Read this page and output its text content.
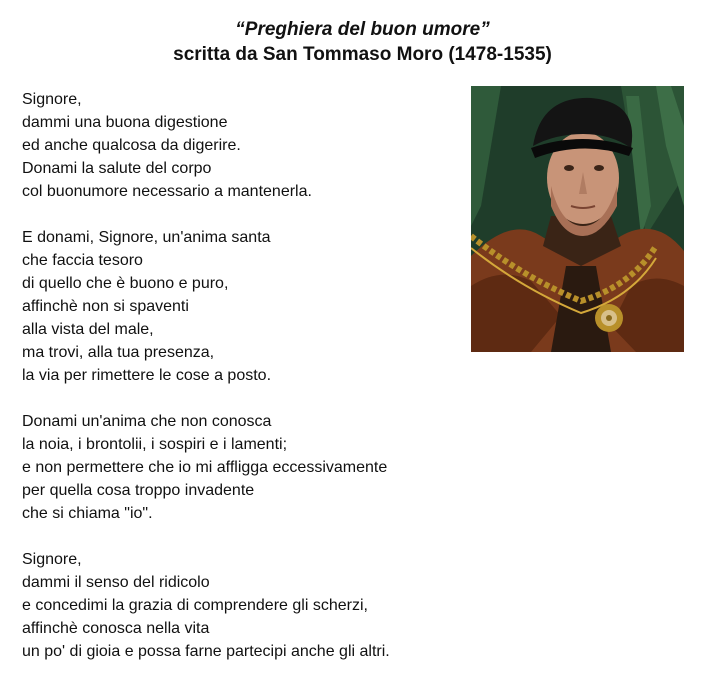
“Preghiera del buon umore”

scritta da San Tommaso Moro (1478-1535)

Signore,
dammi una buona digestione
ed anche qualcosa da digerire.
Donami la salute del corpo
col buonumore necessario a mantenerla.
E donami, Signore, un'anima santa
che faccia tesoro
di quello che è buono e puro,
affinchè non si spaventi
alla vista del male,
ma trovi, alla tua presenza,
la via per rimettere le cose a posto.
Donami un'anima che non conosca
la noia, i brontolii, i sospiri e i lamenti;
e non permettere che io mi affligga eccessivamente
per quella cosa troppo invadente
che si chiama "io".
Signore,
dammi il senso del ridicolo
e concedimi la grazia di comprendere gli scherzi,
affinchè conosca nella vita
un po' di gioia e possa farne partecipi anche gli altri.
